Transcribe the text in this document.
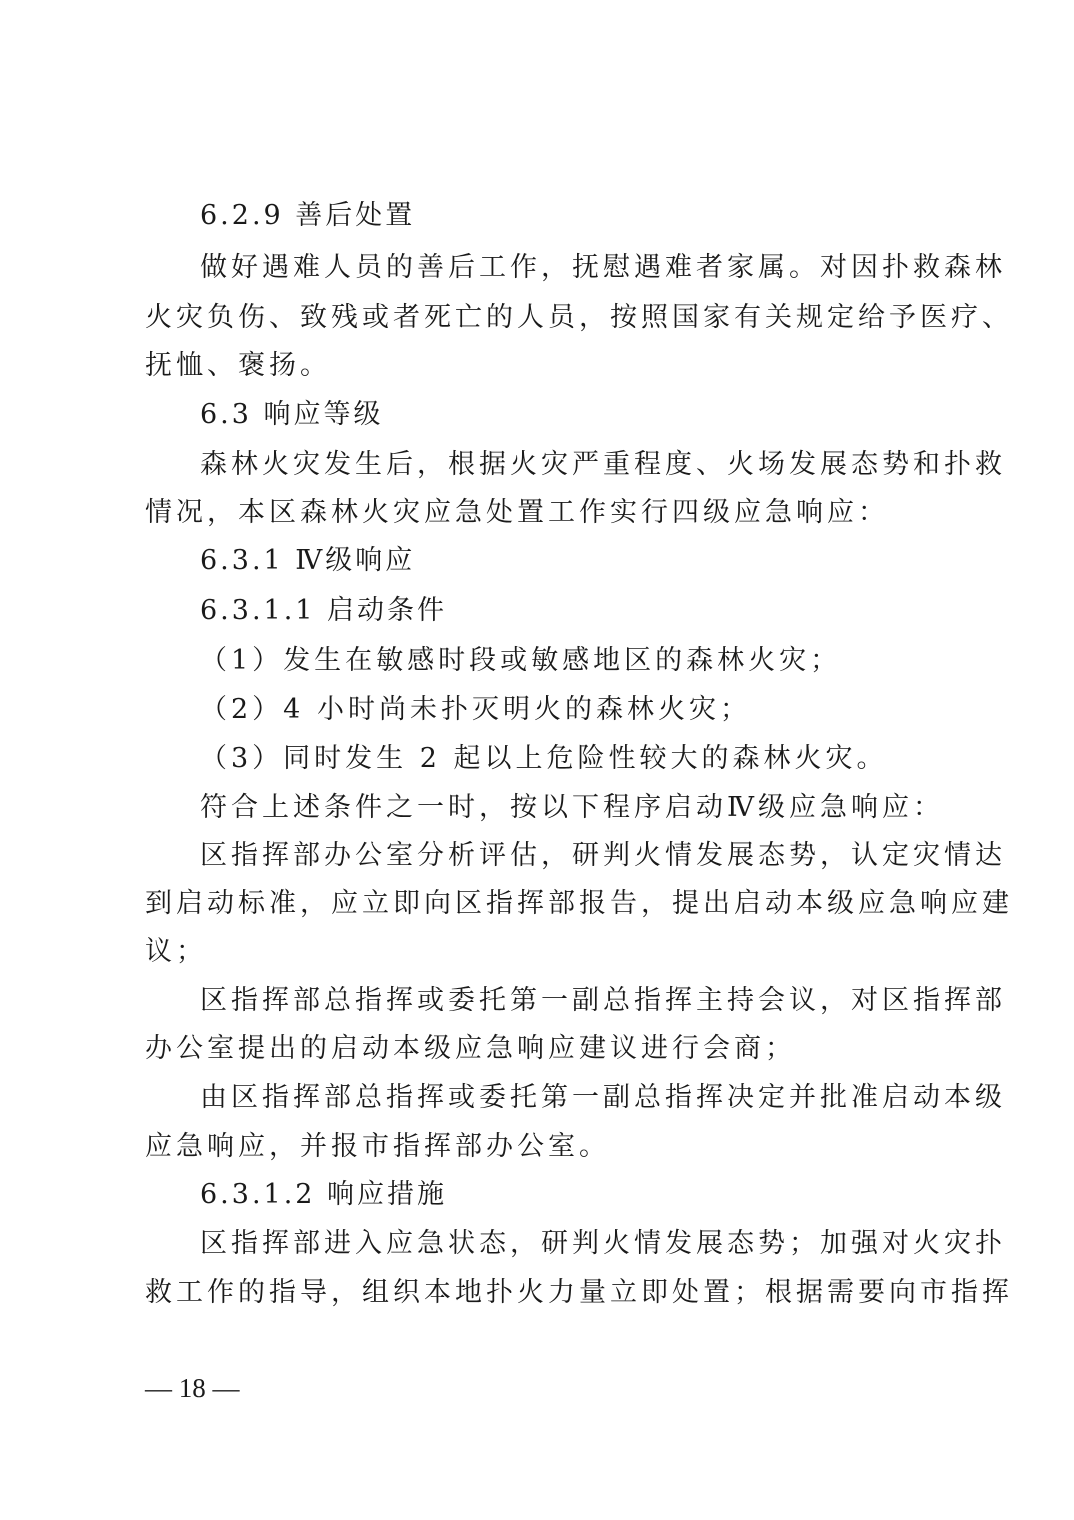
6.2.9 善后处置
做好遇难人员的善后工作，抚慰遇难者家属。对因扑救森林
火灾负伤、致残或者死亡的人员，按照国家有关规定给予医疗、
抚恤、褒扬。
6.3 响应等级
森林火灾发生后，根据火灾严重程度、火场发展态势和扑救
情况，本区森林火灾应急处置工作实行四级应急响应：
6.3.1 Ⅳ级响应
6.3.1.1 启动条件
（1）发生在敏感时段或敏感地区的森林火灾；
（2）4 小时尚未扑灭明火的森林火灾；
（3）同时发生 2 起以上危险性较大的森林火灾。
符合上述条件之一时，按以下程序启动Ⅳ级应急响应：
区指挥部办公室分析评估，研判火情发展态势，认定灾情达
到启动标准，应立即向区指挥部报告，提出启动本级应急响应建
议；
区指挥部总指挥或委托第一副总指挥主持会议，对区指挥部
办公室提出的启动本级应急响应建议进行会商；
由区指挥部总指挥或委托第一副总指挥决定并批准启动本级
应急响应，并报市指挥部办公室。
6.3.1.2 响应措施
区指挥部进入应急状态，研判火情发展态势；加强对火灾扑
救工作的指导，组织本地扑火力量立即处置；根据需要向市指挥
— 18 —
